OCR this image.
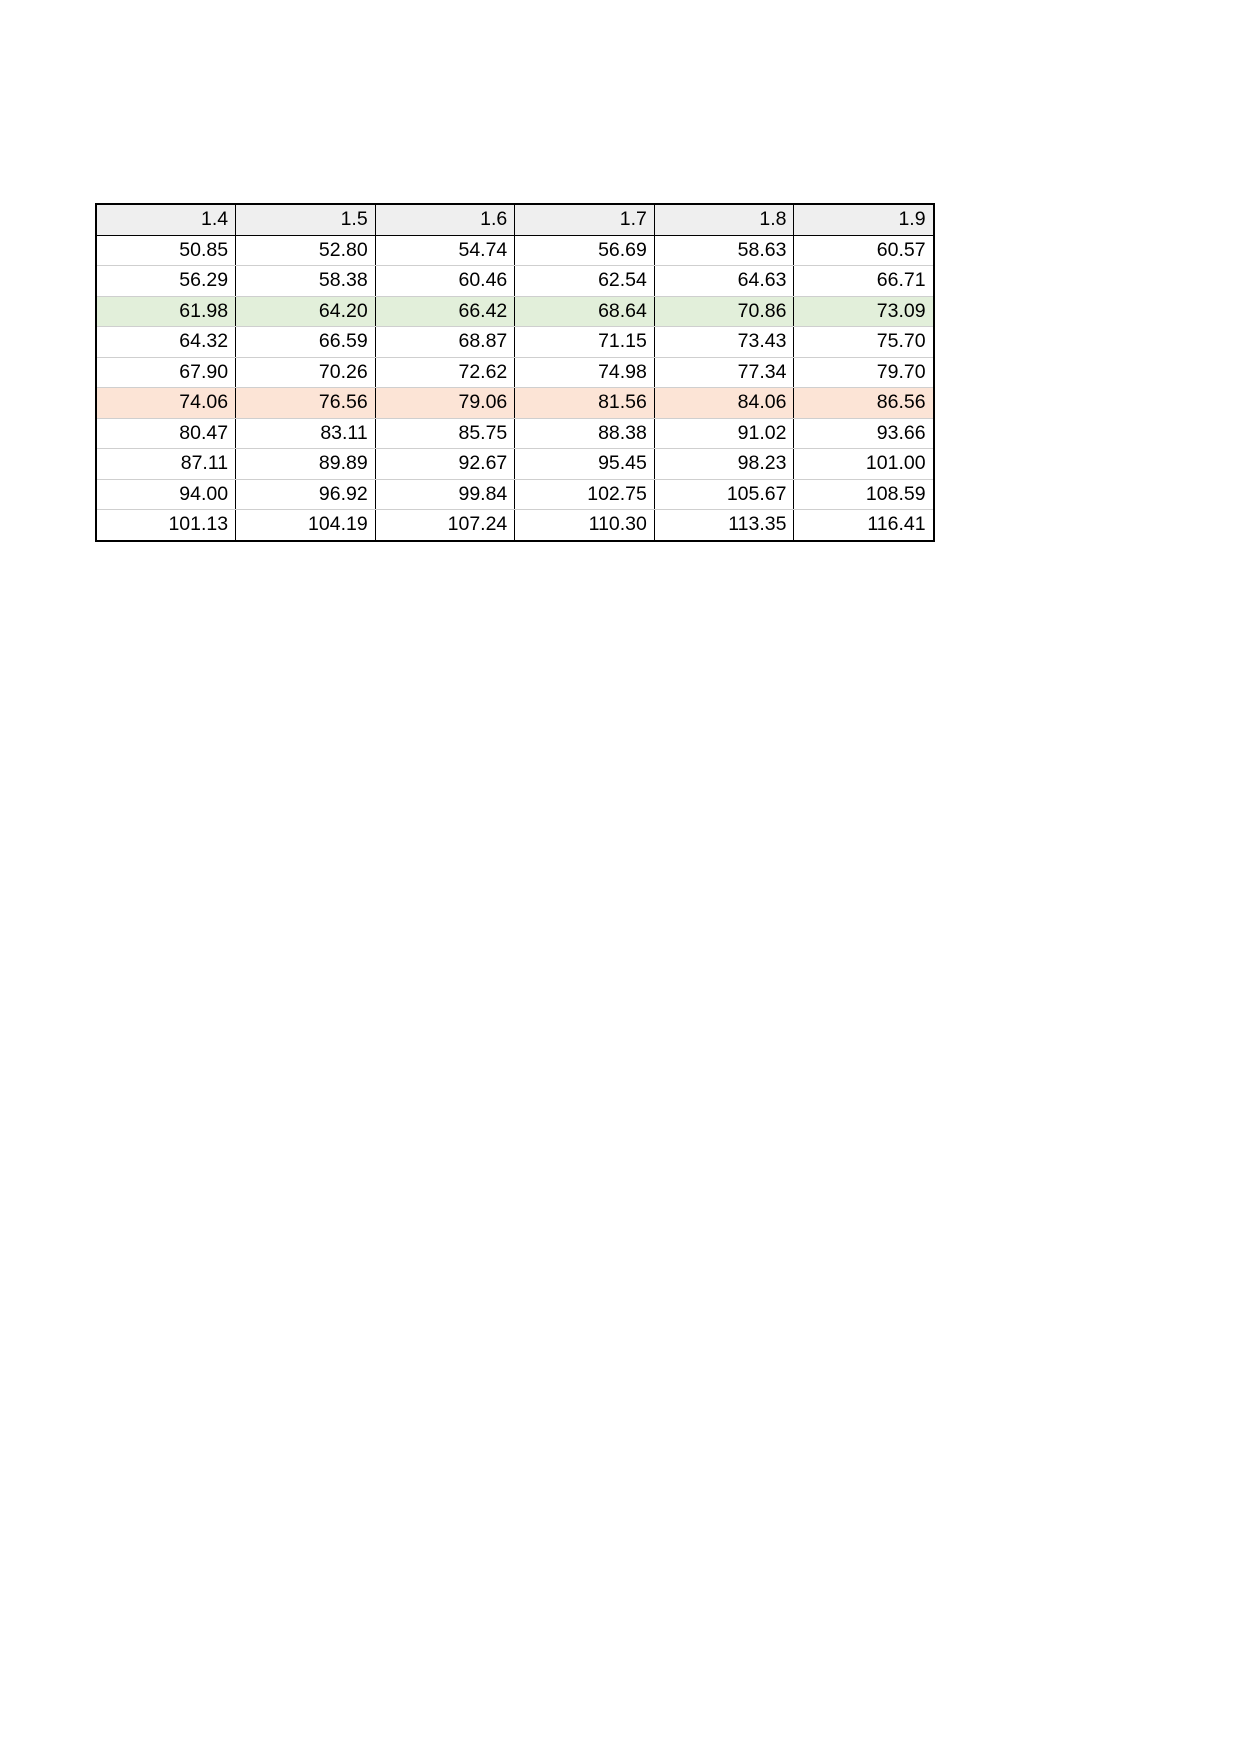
1.4	1.5	1.6	1.7	1.8	1.9
50.85	52.80	54.74	56.69	58.63	60.57
56.29	58.38	60.46	62.54	64.63	66.71
61.98	64.20	66.42	68.64	70.86	73.09
64.32	66.59	68.87	71.15	73.43	75.70
67.90	70.26	72.62	74.98	77.34	79.70
74.06	76.56	79.06	81.56	84.06	86.56
80.47	83.11	85.75	88.38	91.02	93.66
87.11	89.89	92.67	95.45	98.23	101.00
94.00	96.92	99.84	102.75	105.67	108.59
101.13	104.19	107.24	110.30	113.35	116.41
